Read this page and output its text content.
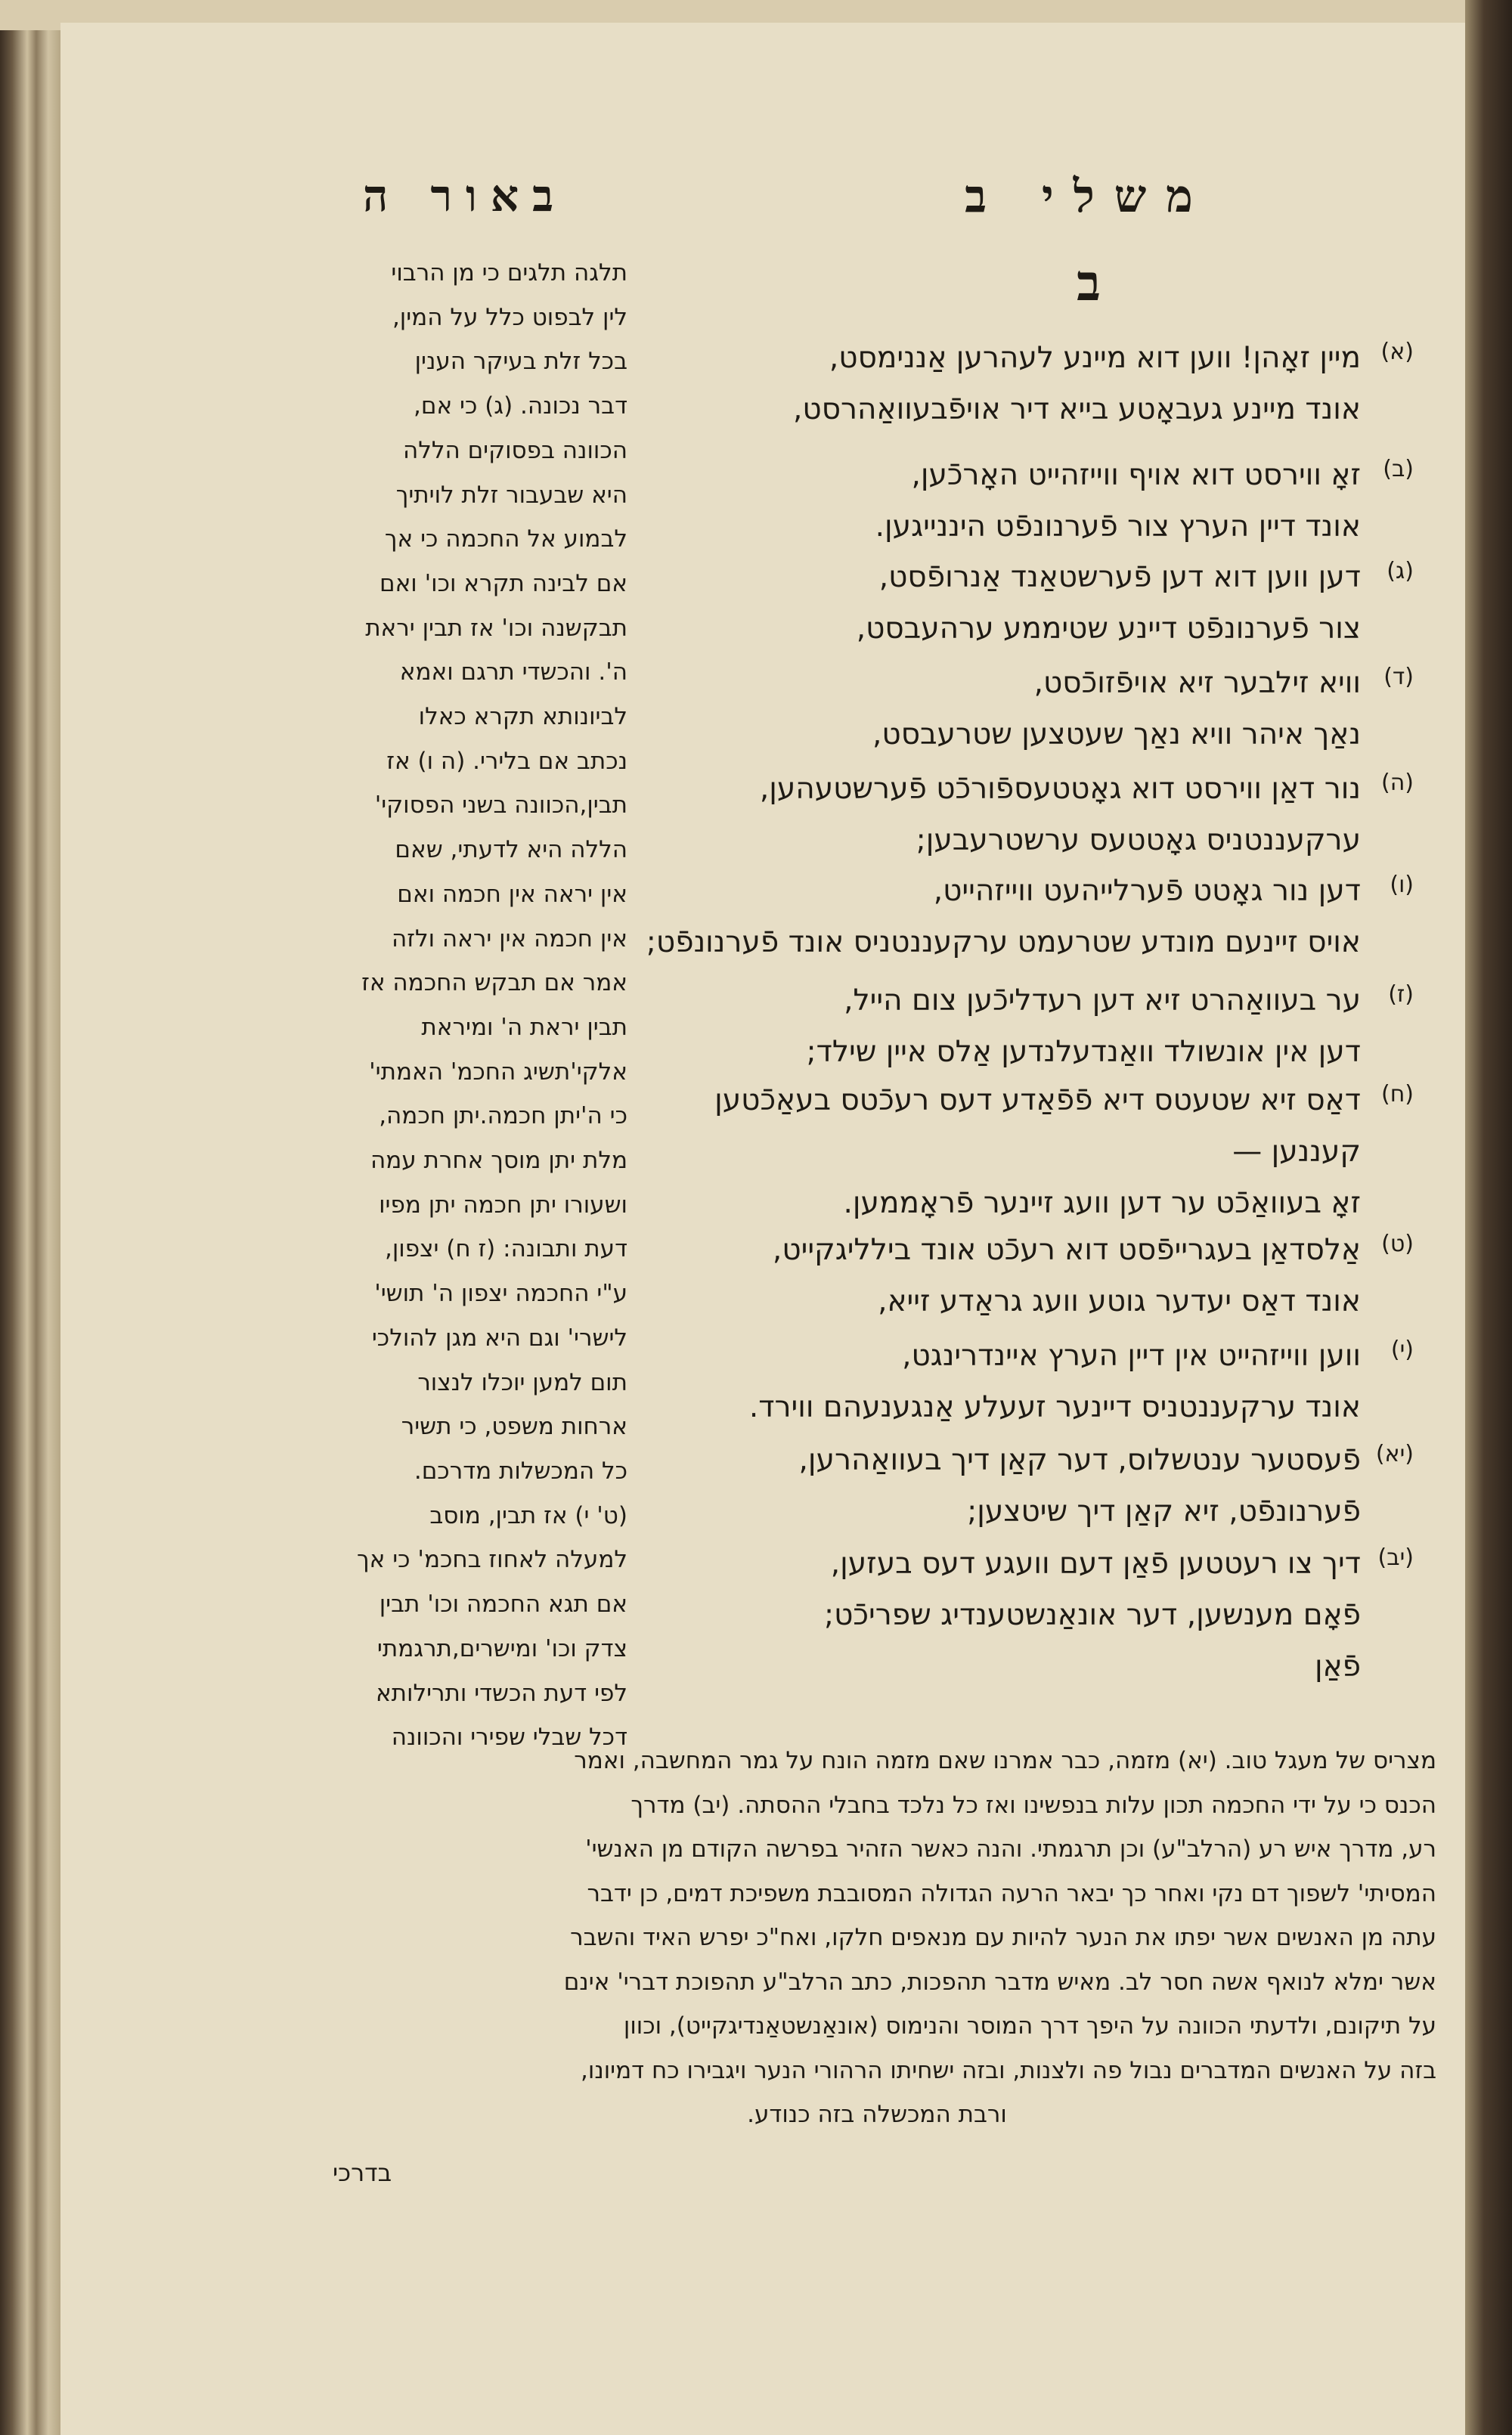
משלי ב
ב
באור ה
(א)
מיין זאָהן! ווען דוא מיינע לעהרען אַננימסט,
אונד מיינע געבאָטע בייא דיר אויפֿבעוואַהרסט,
(ב)
זאָ ווירסט דוא אויף ווייזהייט האָרכֿען,
אונד דיין הערץ צור פֿערנונפֿט היננייגען.
(ג)
דען ווען דוא דען פֿערשטאַנד אַנרופֿסט,
צור פֿערנונפֿט דיינע שטיממע ערהעבסט,
(ד)
וויא זילבער זיא אויפֿזוכֿסט,
נאַך איהר וויא נאַך שעטצען שטרעבסט,
(ה)
נור דאַן ווירסט דוא גאָטטעספֿורכֿט פֿערשטעהען,
ערקעננטניס גאָטטעס ערשטרעבען;
(ו)
דען נור גאָטט פֿערלייהעט ווייזהייט,
אויס זיינעם מונדע שטרעמט ערקעננטניס אונד פֿערנונפֿט;
(ז)
ער בעוואַהרט זיא דען רעדליכֿען צום הייל,
דען אין אונשולד וואַנדעלנדען אַלס איין שילד;
(ח)
דאַס זיא שטעטס דיא פֿפֿאַדע דעס רעכֿטס בעאַכֿטען
קעננען —
זאָ בעוואַכֿט ער דען וועג זיינער פֿראָממען.
(ט)
אַלסדאַן בעגרייפֿסט דוא רעכֿט אונד בילליגקייט,
אונד דאַס יעדער גוטע וועג גראַדע זייא,
(י)
ווען ווייזהייט אין דיין הערץ איינדרינגט,
אונד ערקעננטניס דיינער זעעלע אַנגענעהם ווירד.
(יא)
פֿעסטער ענטשלוס, דער קאַן דיך בעוואַהרען,
פֿערנונפֿט, זיא קאַן דיך שיטצען;
(יב)
דיך צו רעטטען פֿאַן דעם וועגע דעס בעזען,
פֿאָם מענשען, דער אונאַנשטענדיג שפריכֿט;
פֿאַן
תלגה תלגים כי מן הרבוי
לין לבפוט כלל על המין,
בכל זלת בעיקר הענין
דבר נכונה. (ג) כי אם,
הכוונה בפסוקים הללה
היא שבעבור זלת לויתיך
לבמוע אל החכמה כי אך
אם לבינה תקרא וכו' ואם
תבקשנה וכו' אז תבין יראת
ה'. והכשדי תרגם ואמא
לביונותא תקרא כאלו
נכתב אם בלירי. (ה ו) אז
תבין,הכוונה בשני הפסוקי'
הללה היא לדעתי, שאם
אין יראה אין חכמה ואם
אין חכמה אין יראה ולזה
אמר אם תבקש החכמה אז
תבין יראת ה' ומיראת
אלקי'תשיג החכמ' האמתי'
כי ה'יתן חכמה.יתן חכמה,
מלת יתן מוסך אחרת עמה
ושעורו יתן חכמה יתן מפיו
דעת ותבונה: (ז ח) יצפון,
ע"י החכמה יצפון ה' תושי'
לישרי' וגם היא מגן להולכי
תום למען יוכלו לנצור
ארחות משפט, כי תשיר
כל המכשלות מדרכם.
(ט' י) אז תבין, מוסב
למעלה לאחוז בחכמ' כי אך
אם תגא החכמה וכו' תבין
צדק וכו' ומישרים,תרגמתי
לפי דעת הכשדי ותרילותא
דכל שבלי שפירי והכוונה
מצריס של מעגל טוב. (יא) מזמה, כבר אמרנו שאם מזמה הונח על גמר המחשבה, ואמר
הכנס כי על ידי החכמה תכון עלות בנפשינו ואז כל נלכד בחבלי ההסתה. (יב) מדרך
רע, מדרך איש רע (הרלב"ע) וכן תרגמתי. והנה כאשר הזהיר בפרשה הקודם מן האנשי'
המסיתי' לשפוך דם נקי ואחר כך יבאר הרעה הגדולה המסובבת משפיכת דמים, כן ידבר
עתה מן האנשים אשר יפתו את הנער להיות עם מנאפים חלקו, ואח"כ יפרש האיד והשבר
אשר ימלא לנואף אשה חסר לב. מאיש מדבר תהפכות, כתב הרלב"ע תהפוכת דברי' אינם
על תיקונם, ולדעתי הכוונה על היפך דרך המוסר והנימוס (אונאַנשטאַנדיגקייט), וכוון
בזה על האנשים המדברים נבול פה ולצנות, ובזה ישחיתו הרהורי הנער ויגבירו כח דמיונו,
ורבת המכשלה בזה כנודע.
בדרכי
